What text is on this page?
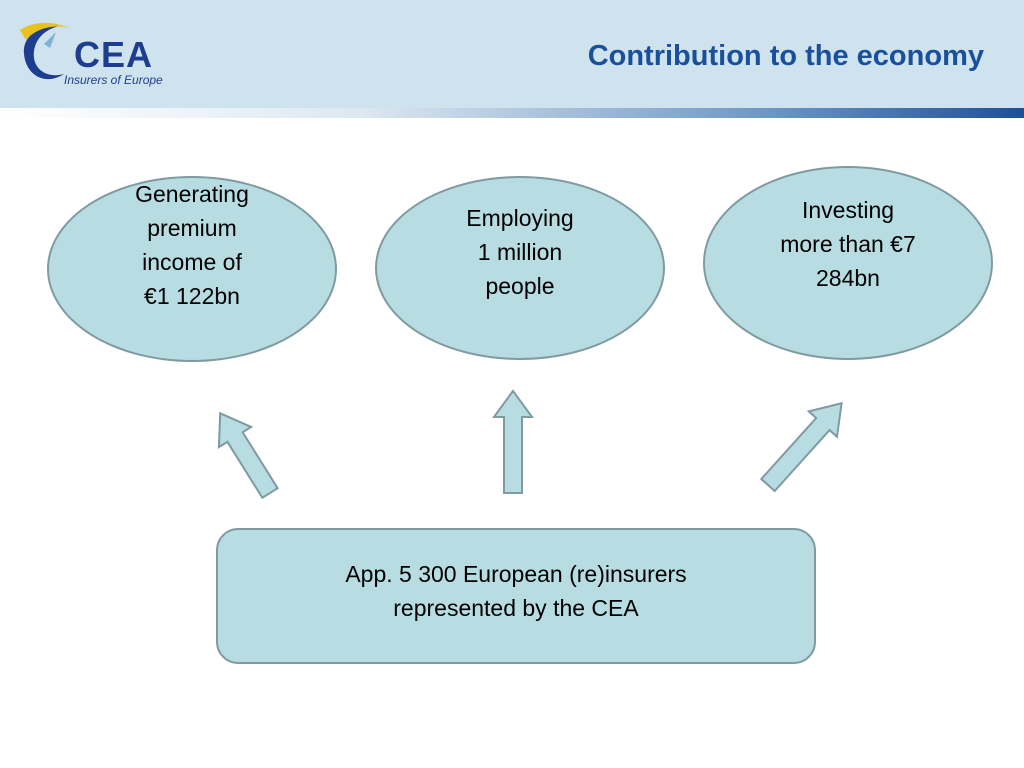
CEA
Insurers of Europe
Contribution to the economy
Generating
premium
income of
€1 122bn
Employing
1 million
people
Investing
more than €7
284bn
App. 5 300 European (re)insurers
represented by the CEA
